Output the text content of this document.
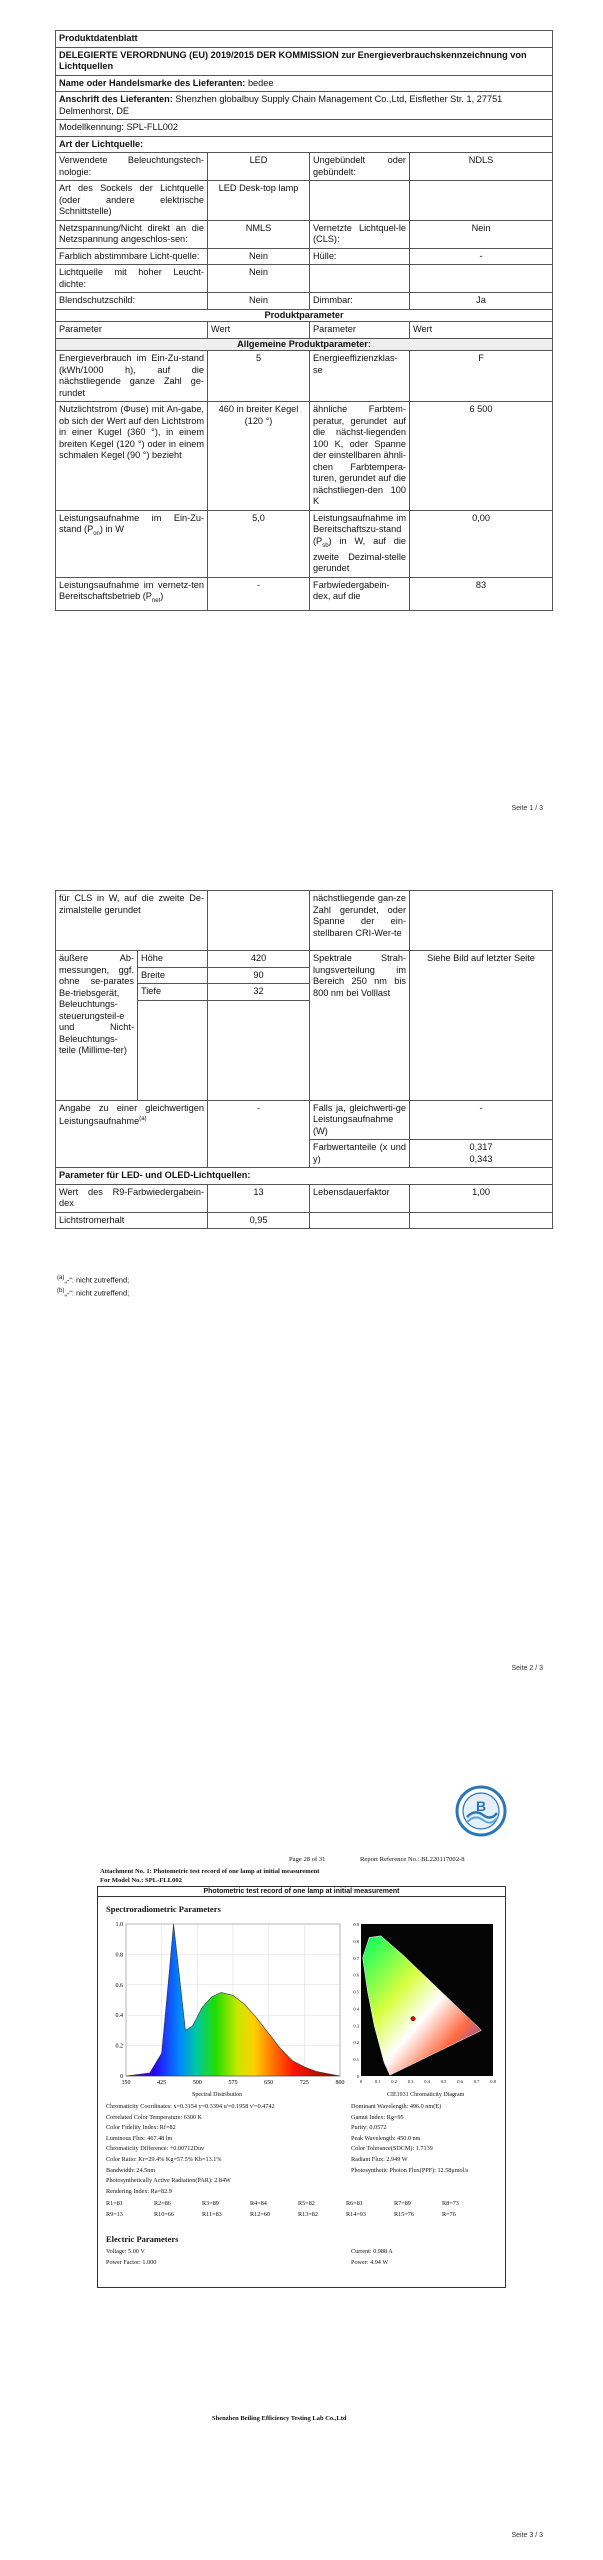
Produktdatenblatt			
DELEGIERTE VERORDNUNG (EU) 2019/2015 DER KOMMISSION zur Energieverbrauchskennzeichnung von Lichtquellen			
Name oder Handelsmarke des Lieferanten: bedee			
Anschrift des Lieferanten: Shenzhen globalbuy Supply Chain Management Co.,Ltd, Eisflether Str. 1, 27751 Delmenhorst, DE			
Modellkennung: SPL-FLL002			
Art der Lichtquelle:			
Verwendete Beleuchtungstech-nologie:	LED	Ungebündelt oder gebündelt:	NDLS
Art des Sockels der Lichtquelle (oder andere elektrische Schnittstelle)	LED Desk-top lamp		
Netzspannung/Nicht direkt an die Netzspannung angeschlos-sen:	NMLS	Vernetzte Lichtquel-le (CLS):	Nein
Farblich abstimmbare Licht-quelle:	Nein	Hülle:	-
Lichtquelle mit hoher Leucht-dichte:	Nein		
Blendschutzschild:	Nein	Dimmbar:	Ja
Produktparameter			
Parameter	Wert	Parameter	Wert
Allgemeine Produktparameter:			
Energieverbrauch im Ein-Zu-stand (kWh/1000 h), auf die nächstliegende ganze Zahl ge-rundet	5	Energieeffizienzklas-se	F
Nutzlichtstrom (Φuse) mit An-gabe, ob sich der Wert auf den Lichtstrom in einer Kugel (360 °), in einem breiten Kegel (120 °) oder in einem schmalen Kegel (90 °) bezieht	460 in breiter Kegel (120 °)	ähnliche Farbtem-peratur, gerundet auf die nächst-liegenden 100 K, oder Spanne der einstellbaren ähnli-chen Farbtempera-turen, gerundet auf die nächstliegen-den 100 K	6 500
Leistungsaufnahme im Ein-Zu-stand $(P_{on})$ in W	5,0	Leistungsaufnahme im Bereitschaftszu-stand $(P_{sb})$ in W, auf die zweite Dezimal-stelle gerundet	0,00
Leistungsaufnahme im vernetz-ten Bereitschaftsbetrieb $(P_{net})$	-	Farbwiedergabein-dex, auf die	83
Seite 1 / 3
für CLS in W, auf die zweite De-zimalstelle gerundet			nächstliegende gan-ze Zahl gerundet, oder Spanne der ein-stellbaren CRI-Wer-te	
äußere Ab-messungen, ggf. ohne se-parates Be-triebsgerät, Beleuchtungs-steuerungsteil-e und Nicht-Beleuchtungs-teile (Millime-ter)	Höhe	420	Spektrale Strah-lungsverteilung im Bereich 250 nm bis 800 nm bei Volllast	Siehe Bild auf letzter Seite
	Breite	90		
	Tiefe	32		

Angabe zu einer gleichwertigen Leistungsaufnahme$^{(a)}$		-	Falls ja, gleichwerti-ge Leistungsaufnahme (W)	-
			Farbwertanteile (x und y)	0,317
0,343

Parameter für LED- und OLED-Lichtquellen:				
Wert des R9-Farbwiedergabein-dex		13	Lebensdauerfaktor	1,00
Lichtstromerhalt		0,95		
$^{(a)}$„-“: nicht zutreffend;
$^{(b)}$„-“: nicht zutreffend;
Seite 2 / 3
B
Page 28 of 31	Report Reference No.: BL220117002-8
Attachment No. 1: Photometric test record of one lamp at initial measurement
For Model No.: SPL-FLL002
Photometric test record of one lamp at initial measurement
Spectroradiometric Parameters
0
0.2
0.4
0.6
0.8
1.0
350	425	500	575	650	725	800
Spectral Distribution
0
0.1
0.2
0.3
0.4
0.5
0.6
0.7
0.8
0.9
0	0.1 0.2 0.3 0.4 0.5 0.6 0.7 0.8
CIE1931 Chromaticity Diagram
Chromaticity Coordinates: x=0.3154 y=0.3394 u'=0.1958 v'=0.4742
Correlated Color Temperature: 6300 K
Color Fidelity Index: Rf=82
Luminous Flux: 467.48 lm
Chromaticity Difference: +0.00712Duv
Color Ratio: Kr=29.4% Kg=57.5% Kb=13.1%
Bandwidth: 24.5nm
Photosynthetically Active Radiation(PAR): 2.84W
Rendering Index: Ra=82.9
Dominant Wavelength: 496.0 nm(E)
Gamut Index: Rg=95
Purity: 0.0572
Peak Wavelength: 450.0 nm
Color Tolerance(SDCM): 1.7139
Radiant Flux: 2.949 W
Photosynthetic Photon Flux(PPF): 12.58μmol/s
R1=81	R2=86	R3=89	R4=84	R5=82	R6=81	R7=89	R8=73
R9=13	R10=66	R11=83	R12=60	R13=82	R14=93	R15=76	R=76
Electric Parameters
Voltage: 5.00 V	Current: 0.988 A
Power Factor: 1.000	Power: 4.94 W
Shenzhen Beiling Efficiency Testing Lab Co.,Ltd
Seite 3 / 3
